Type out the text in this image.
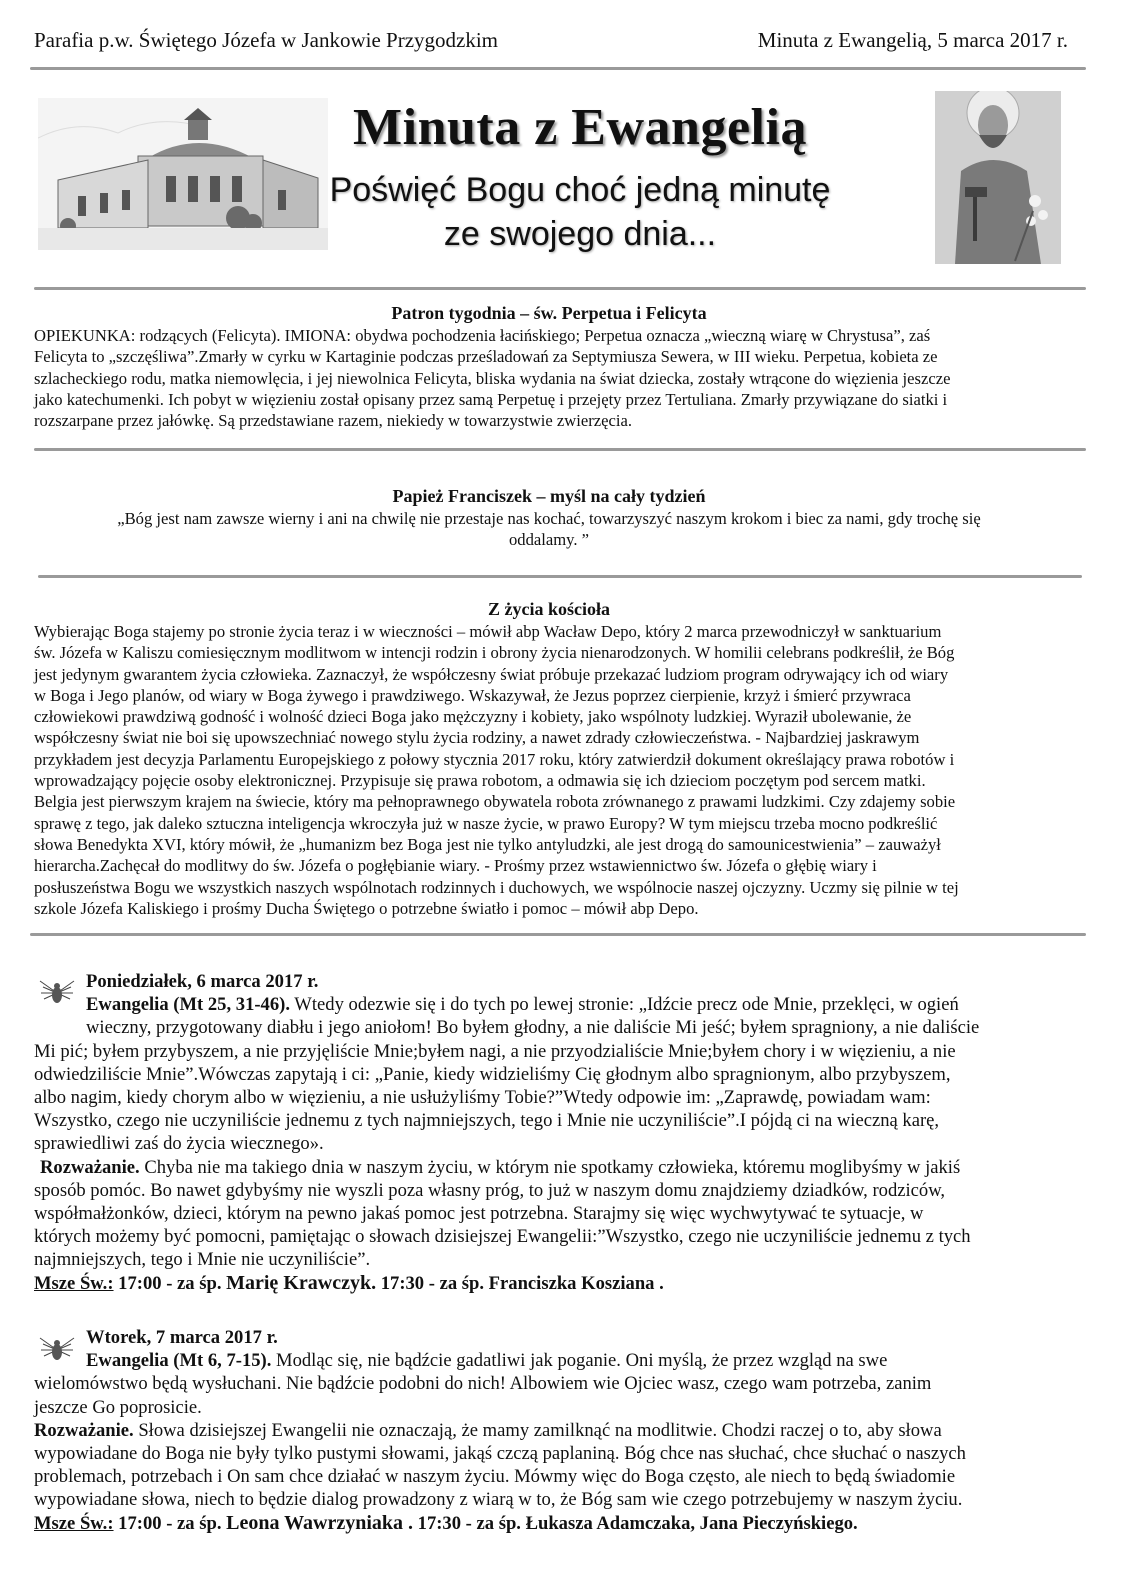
Parafia p.w. Świętego Józefa w Jankowie Przygodzkim	Minuta z Ewangelią, 5 marca 2017 r.
Minuta z Ewangelią
Poświęć Bogu choć jedną minutę
ze swojego dnia...
Patron tygodnia – św. Perpetua i Felicyta
OPIEKUNKA: rodzących (Felicyta). IMIONA: obydwa pochodzenia łacińskiego; Perpetua oznacza „wieczną wiarę w Chrystusa”, zaś
Felicyta to „szczęśliwa”.Zmarły w cyrku w Kartaginie podczas prześladowań za Septymiusza Sewera, w III wieku. Perpetua, kobieta ze
szlacheckiego rodu, matka niemowlęcia, i jej niewolnica Felicyta, bliska wydania na świat dziecka, zostały wtrącone do więzienia jeszcze
jako katechumenki. Ich pobyt w więzieniu został opisany przez samą Perpetuę i przejęty przez Tertuliana. Zmarły przywiązane do siatki i
rozszarpane przez jałówkę. Są przedstawiane razem, niekiedy w towarzystwie zwierzęcia.
Papież Franciszek – myśl na cały tydzień
„Bóg jest nam zawsze wierny i ani na chwilę nie przestaje nas kochać, towarzyszyć naszym krokom i biec za nami, gdy trochę się
oddalamy. ”
Z życia kościoła
Wybierając Boga stajemy po stronie życia teraz i w wieczności – mówił abp Wacław Depo, który 2 marca przewodniczył w sanktuarium
św. Józefa w Kaliszu comiesięcznym modlitwom w intencji rodzin i obrony życia nienarodzonych. W homilii celebrans podkreślił, że Bóg
jest jedynym gwarantem życia człowieka. Zaznaczył, że współczesny świat próbuje przekazać ludziom program odrywający ich od wiary
w Boga i Jego planów, od wiary w Boga żywego i prawdziwego. Wskazywał, że Jezus poprzez cierpienie, krzyż i śmierć przywraca
człowiekowi prawdziwą godność i wolność dzieci Boga jako mężczyzny i kobiety, jako wspólnoty ludzkiej. Wyraził ubolewanie, że
współczesny świat nie boi się upowszechniać nowego stylu życia rodziny, a nawet zdrady człowieczeństwa. - Najbardziej jaskrawym
przykładem jest decyzja Parlamentu Europejskiego z połowy stycznia 2017 roku, który zatwierdził dokument określający prawa robotów i
wprowadzający pojęcie osoby elektronicznej. Przypisuje się prawa robotom, a odmawia się ich dzieciom poczętym pod sercem matki.
Belgia jest pierwszym krajem na świecie, który ma pełnoprawnego obywatela robota zrównanego z prawami ludzkimi. Czy zdajemy sobie
sprawę z tego, jak daleko sztuczna inteligencja wkroczyła już w nasze życie, w prawo Europy? W tym miejscu trzeba mocno podkreślić
słowa Benedykta XVI, który mówił, że „humanizm bez Boga jest nie tylko antyludzki, ale jest drogą do samounicestwienia” – zauważył
hierarcha.Zachęcał do modlitwy do św. Józefa o pogłębianie wiary. - Prośmy przez wstawiennictwo św. Józefa o głębię wiary i
posłuszeństwa Bogu we wszystkich naszych wspólnotach rodzinnych i duchowych, we wspólnocie naszej ojczyzny. Uczmy się pilnie w tej
szkole Józefa Kaliskiego i prośmy Ducha Świętego o potrzebne światło i pomoc – mówił abp Depo.
Poniedziałek, 6 marca 2017 r.
Ewangelia (Mt 25, 31-46). Wtedy odezwie się i do tych po lewej stronie: „Idźcie precz ode Mnie, przeklęci, w ogień
wieczny, przygotowany diabłu i jego aniołom! Bo byłem głodny, a nie daliście Mi jeść; byłem spragniony, a nie daliście
Mi pić; byłem przybyszem, a nie przyjęliście Mnie;byłem nagi, a nie przyodzialiście Mnie;byłem chory i w więzieniu, a nie
odwiedziliście Mnie”.Wówczas zapytają i ci: „Panie, kiedy widzieliśmy Cię głodnym albo spragnionym, albo przybyszem,
albo nagim, kiedy chorym albo w więzieniu, a nie usłużyliśmy Tobie?”Wtedy odpowie im: „Zaprawdę, powiadam wam:
Wszystko, czego nie uczyniliście jednemu z tych najmniejszych, tego i Mnie nie uczyniliście”.I pójdą ci na wieczną karę,
sprawiedliwi zaś do życia wiecznego».
Rozważanie. Chyba nie ma takiego dnia w naszym życiu, w którym nie spotkamy człowieka, któremu moglibyśmy w jakiś
sposób pomóc. Bo nawet gdybyśmy nie wyszli poza własny próg, to już w naszym domu znajdziemy dziadków, rodziców,
współmałżonków, dzieci, którym na pewno jakaś pomoc jest potrzebna. Starajmy się więc wychwytywać te sytuacje, w
których możemy być pomocni, pamiętając o słowach dzisiejszej Ewangelii:”Wszystko, czego nie uczyniliście jednemu z tych
najmniejszych, tego i Mnie nie uczyniliście”.
Msze Św.: 17:00 - za śp. Marię Krawczyk. 17:30 - za śp. Franciszka Kosziana .
Wtorek, 7 marca 2017 r.
Ewangelia (Mt 6, 7-15). Modląc się, nie bądźcie gadatliwi jak poganie. Oni myślą, że przez wzgląd na swe
wielomówstwo będą wysłuchani. Nie bądźcie podobni do nich! Albowiem wie Ojciec wasz, czego wam potrzeba, zanim
jeszcze Go poprosicie.
Rozważanie. Słowa dzisiejszej Ewangelii nie oznaczają, że mamy zamilknąć na modlitwie. Chodzi raczej o to, aby słowa
wypowiadane do Boga nie były tylko pustymi słowami, jakąś czczą paplaniną. Bóg chce nas słuchać, chce słuchać o naszych
problemach, potrzebach i On sam chce działać w naszym życiu. Mówmy więc do Boga często, ale niech to będą świadomie
wypowiadane słowa, niech to będzie dialog prowadzony z wiarą w to, że Bóg sam wie czego potrzebujemy w naszym życiu.
Msze Św.: 17:00 - za śp. Leona Wawrzyniaka . 17:30 - za śp. Łukasza Adamczaka, Jana Pieczyńskiego.
